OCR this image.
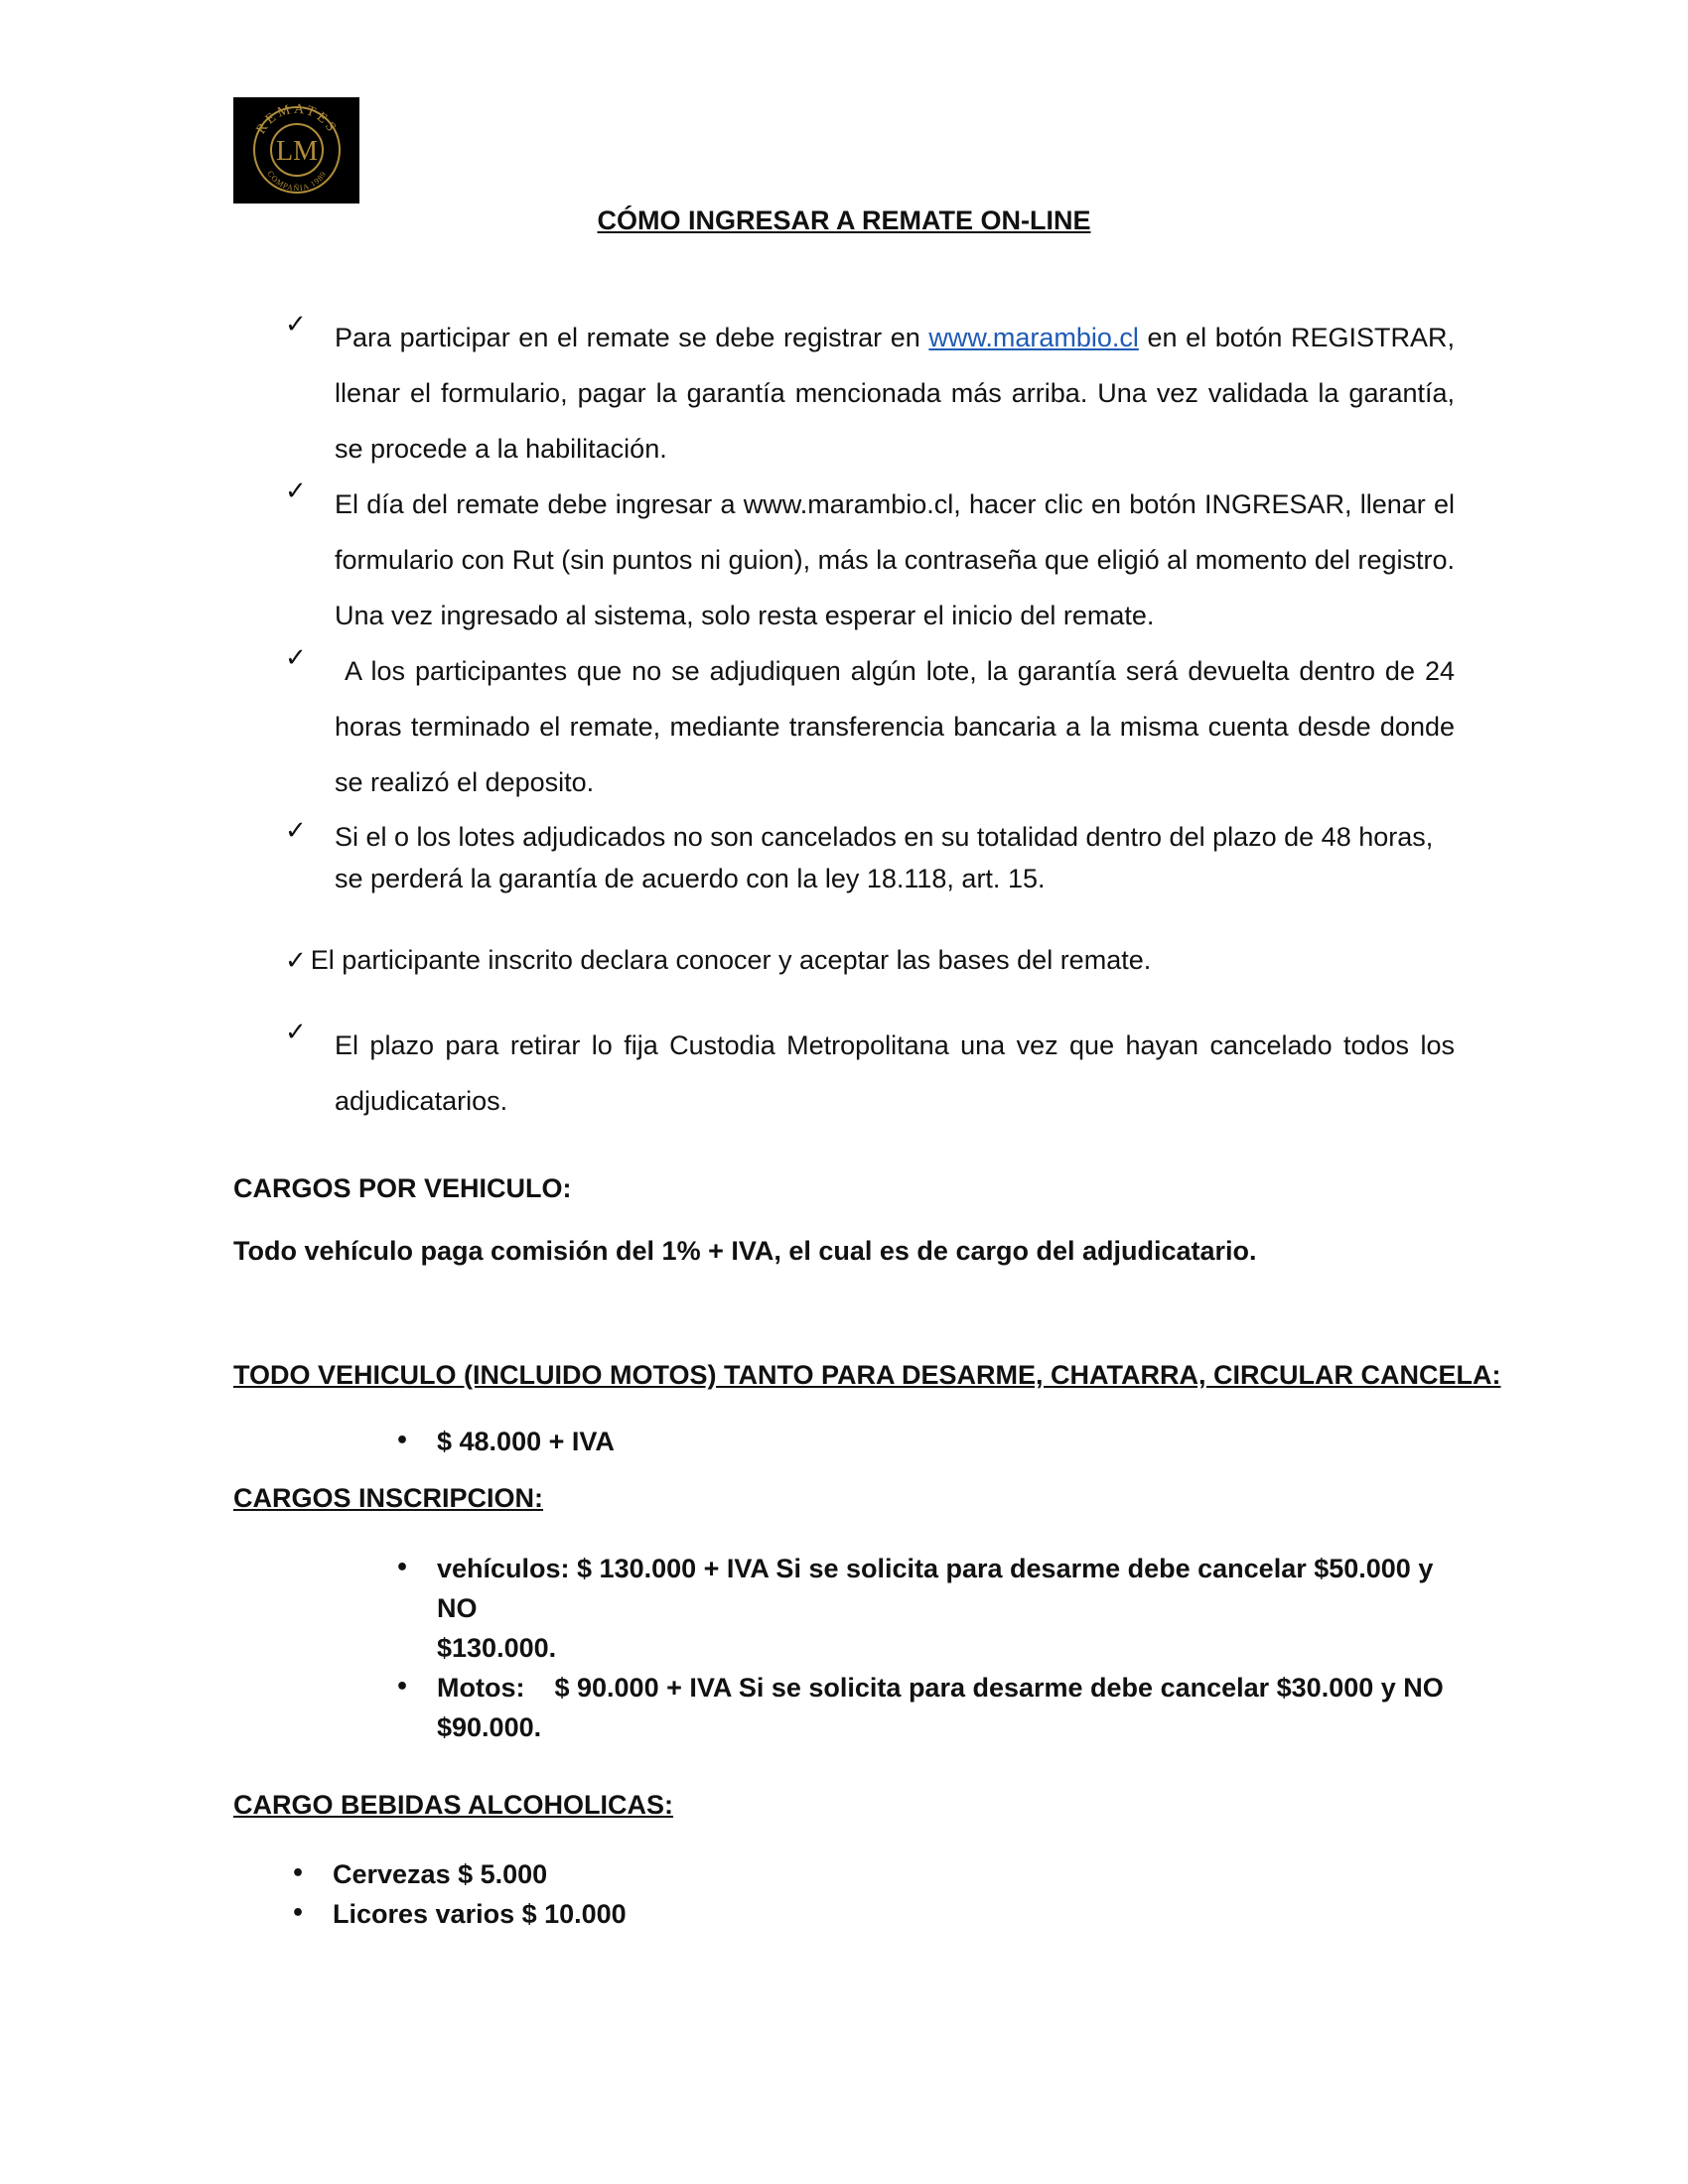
REMATES
LM
COMPAÑIA 1989
CÓMO INGRESAR A REMATE ON-LINE
✓ Para participar en el remate se debe registrar en www.marambio.cl en el botón REGISTRAR, llenar el formulario, pagar la garantía mencionada más arriba. Una vez validada la garantía, se procede a la habilitación.

✓ El día del remate debe ingresar a www.marambio.cl, hacer clic en botón INGRESAR, llenar el formulario con Rut (sin puntos ni guion), más la contraseña que eligió al momento del registro. Una vez ingresado al sistema, solo resta esperar el inicio del remate.

✓ A los participantes que no se adjudiquen algún lote, la garantía será devuelta dentro de 24 horas terminado el remate, mediante transferencia bancaria a la misma cuenta desde donde se realizó el deposito.

✓ Si el o los lotes adjudicados no son cancelados en su totalidad dentro del plazo de 48 horas, se perderá la garantía de acuerdo con la ley 18.118, art. 15.

✓ El participante inscrito declara conocer y aceptar las bases del remate.

✓ El plazo para retirar lo fija Custodia Metropolitana una vez que hayan cancelado todos los adjudicatarios.

CARGOS POR VEHICULO:
Todo vehículo paga comisión del 1% + IVA, el cual es de cargo del adjudicatario.
TODO VEHICULO (INCLUIDO MOTOS) TANTO PARA DESARME, CHATARRA, CIRCULAR CANCELA:
• $ 48.000 + IVA
CARGOS INSCRIPCION:
• vehículos: $ 130.000 + IVA Si se solicita para desarme debe cancelar $50.000 y NO
$130.000.
• Motos:    $ 90.000 + IVA Si se solicita para desarme debe cancelar $30.000 y NO
$90.000.
CARGO BEBIDAS ALCOHOLICAS:
• Cervezas $ 5.000
• Licores varios $ 10.000
